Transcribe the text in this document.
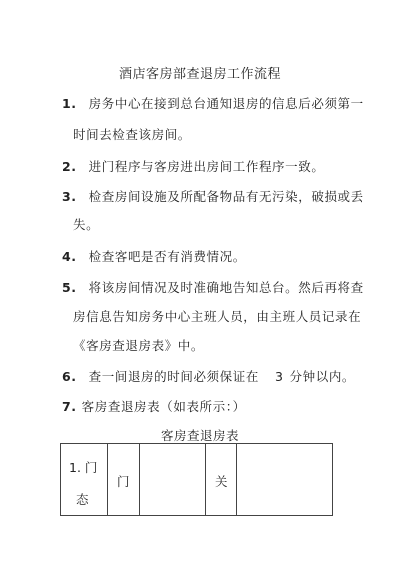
酒店客房部查退房工作流程
1. 房务中心在接到总台通知退房的信息后必须第一
时间去检查该房间。
2. 进门程序与客房进出房间工作程序一致。
3. 检查房间设施及所配备物品有无污染，破损或丢
失。
4. 检查客吧是否有消费情况。
5. 将该房间情况及时准确地告知总台。然后再将查
房信息告知房务中心主班人员，由主班人员记录在
《客房查退房表》中。
6. 查一间退房的时间必须保证在 3 分钟以内。
7. 客房查退房表（如表所示：）
客房查退房表
1. 门
态
门	关
